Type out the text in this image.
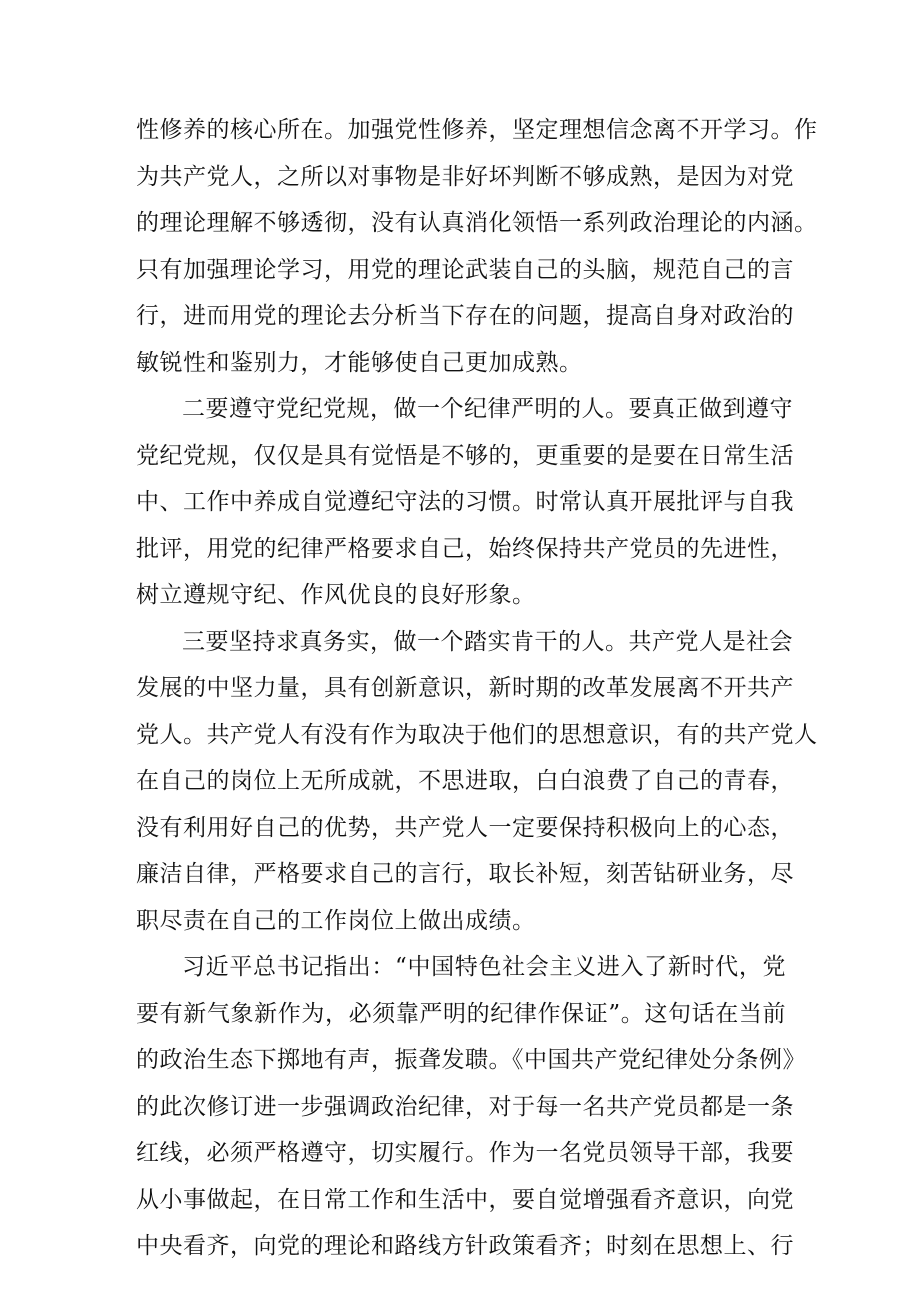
性修养的核心所在。加强党性修养，坚定理想信念离不开学习。作
为共产党人，之所以对事物是非好坏判断不够成熟，是因为对党
的理论理解不够透彻，没有认真消化领悟一系列政治理论的内涵。
只有加强理论学习，用党的理论武装自己的头脑，规范自己的言
行，进而用党的理论去分析当下存在的问题，提高自身对政治的
敏锐性和鉴别力，才能够使自己更加成熟。
二要遵守党纪党规，做一个纪律严明的人。要真正做到遵守
党纪党规，仅仅是具有觉悟是不够的，更重要的是要在日常生活
中、工作中养成自觉遵纪守法的习惯。时常认真开展批评与自我
批评，用党的纪律严格要求自己，始终保持共产党员的先进性，
树立遵规守纪、作风优良的良好形象。
三要坚持求真务实，做一个踏实肯干的人。共产党人是社会
发展的中坚力量，具有创新意识，新时期的改革发展离不开共产
党人。共产党人有没有作为取决于他们的思想意识，有的共产党人
在自己的岗位上无所成就，不思进取，白白浪费了自己的青春，
没有利用好自己的优势，共产党人一定要保持积极向上的心态，
廉洁自律，严格要求自己的言行，取长补短，刻苦钻研业务，尽
职尽责在自己的工作岗位上做出成绩。
习近平总书记指出：“中国特色社会主义进入了新时代，党
要有新气象新作为，必须靠严明的纪律作保证”。这句话在当前
的政治生态下掷地有声，振聋发聩。《中国共产党纪律处分条例》
的此次修订进一步强调政治纪律，对于每一名共产党员都是一条
红线，必须严格遵守，切实履行。作为一名党员领导干部，我要
从小事做起，在日常工作和生活中，要自觉增强看齐意识，向党
中央看齐，向党的理论和路线方针政策看齐；时刻在思想上、行
